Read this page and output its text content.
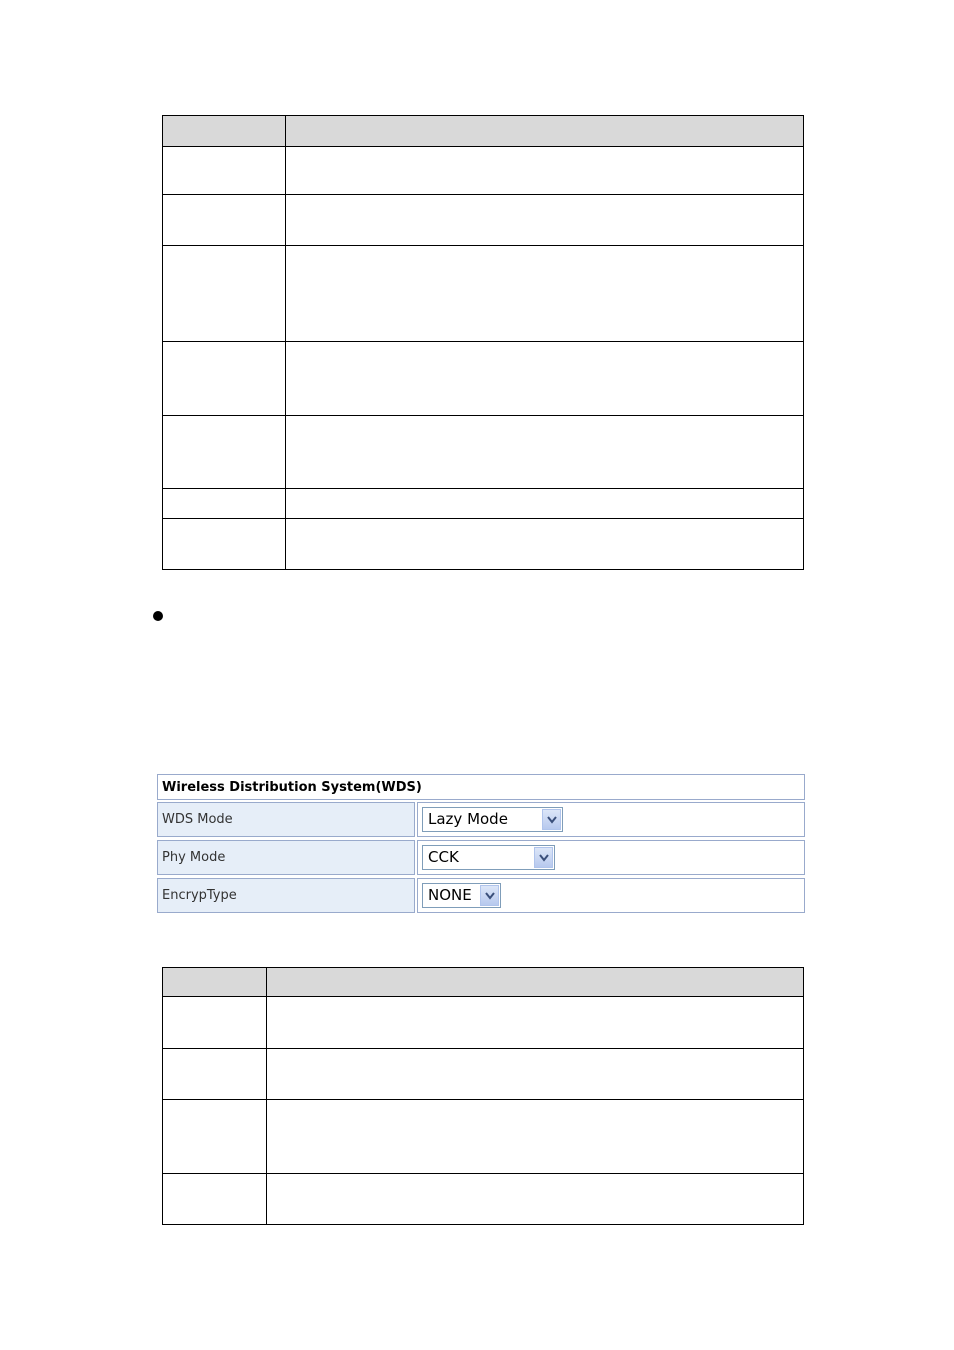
Wireless Distribution System(WDS)
WDS Mode	Lazy Mode
Phy Mode	CCK
EncrypType	NONE
